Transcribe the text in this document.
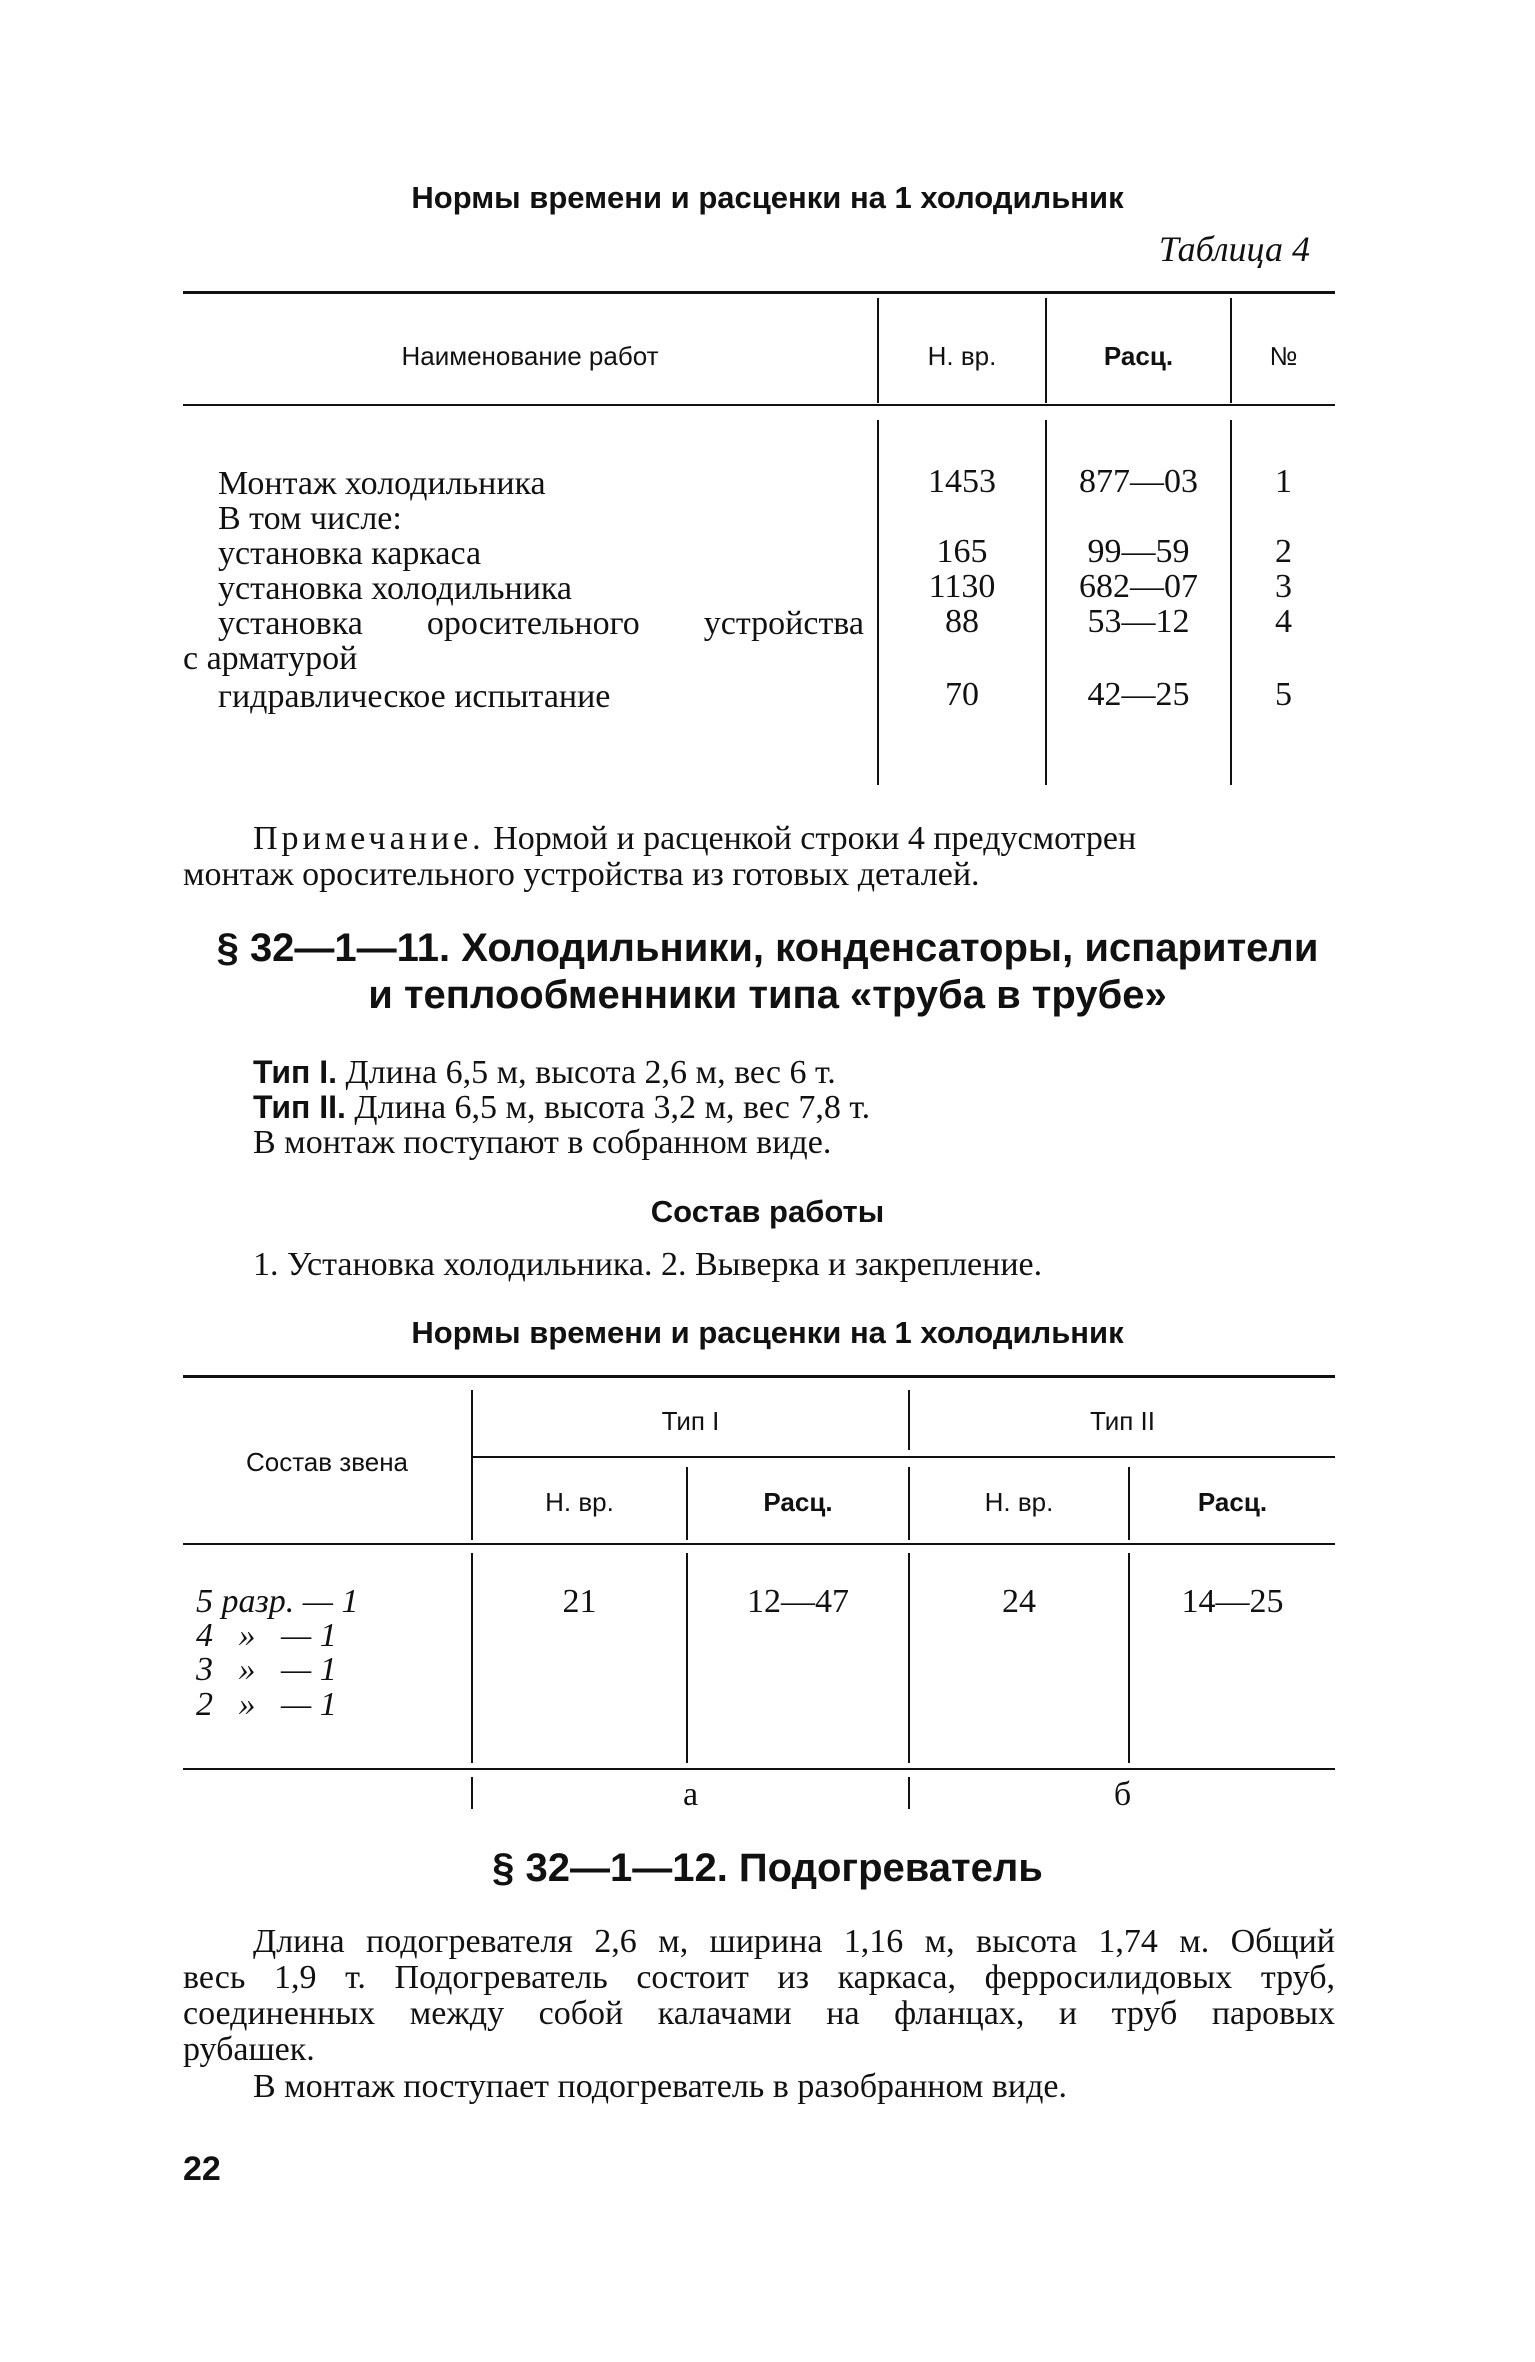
Нормы времени и расценки на 1 холодильник
Таблица 4
Наименование работ	Н. вр.	Расц.	№
Монтаж холодильника	1453	877—03	1
В том числе:
установка каркаса	165	99—59	2
установка холодильника	1130	682—07	3
установка оросительного устройства	88	53—12	4
с арматурой
гидравлическое испытание	70	42—25	5
Примечание. Нормой и расценкой строки 4 предусмотрен
монтаж оросительного устройства из готовых деталей.
§ 32—1—11. Холодильники, конденсаторы, испарители
и теплообменники типа «труба в трубе»
Тип I. Длина 6,5 м, высота 2,6 м, вес 6 т.
Тип II. Длина 6,5 м, высота 3,2 м, вес 7,8 т.
В монтаж поступают в собранном виде.
Состав работы
1. Установка холодильника. 2. Выверка и закрепление.
Нормы времени и расценки на 1 холодильник
Состав звена
Тип I	Тип II
Н. вр.	Расц.	Н. вр.	Расц.
5 разр. — 1
4   »   — 1
3   »   — 1
2   »   — 1
21	12—47	24	14—25
а	б
§ 32—1—12. Подогреватель
Длина подогревателя 2,6 м, ширина 1,16 м, высота 1,74 м. Общий
весь 1,9 т. Подогреватель состоит из каркаса, ферросилидовых труб,
соединенных между собой калачами на фланцах, и труб паровых
рубашек.
В монтаж поступает подогреватель в разобранном виде.
22
